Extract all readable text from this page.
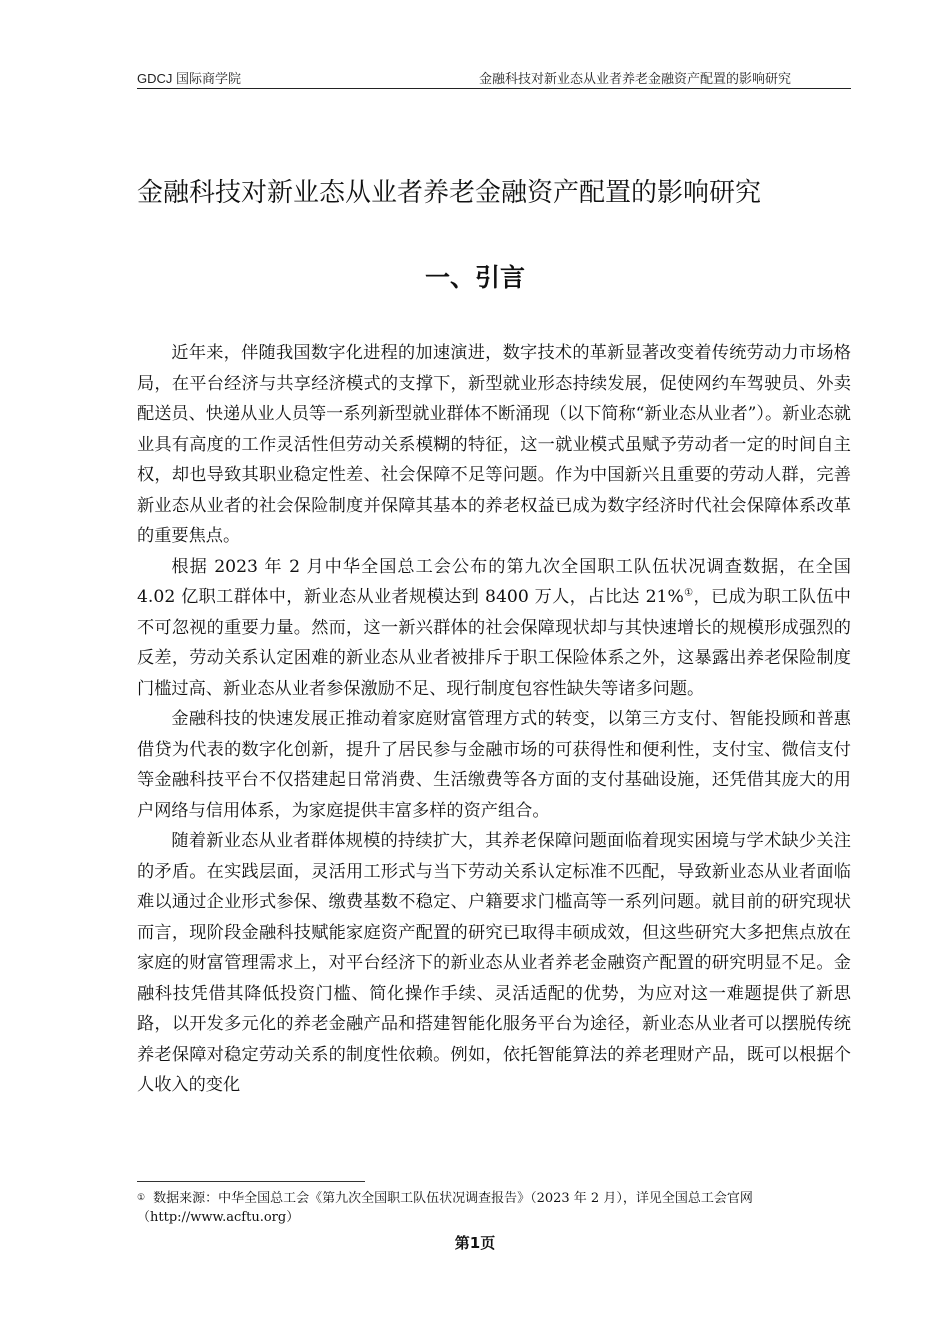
GDCJ 国际商学院	金融科技对新业态从业者养老金融资产配置的影响研究
金融科技对新业态从业者养老金融资产配置的影响研究
一、引言

近年来，伴随我国数字化进程的加速演进，数字技术的革新显著改变着传统劳动力市场格局，在平台经济与共享经济模式的支撑下，新型就业形态持续发展，促使网约车驾驶员、外卖配送员、快递从业人员等一系列新型就业群体不断涌现（以下简称“新业态从业者”）。新业态就业具有高度的工作灵活性但劳动关系模糊的特征，这一就业模式虽赋予劳动者一定的时间自主权，却也导致其职业稳定性差、社会保障不足等问题。作为中国新兴且重要的劳动人群，完善新业态从业者的社会保险制度并保障其基本的养老权益已成为数字经济时代社会保障体系改革的重要焦点。

根据 2023 年 2 月中华全国总工会公布的第九次全国职工队伍状况调查数据，在全国 4.02 亿职工群体中，新业态从业者规模达到 8400 万人，占比达 21%①，已成为职工队伍中不可忽视的重要力量。然而，这一新兴群体的社会保障现状却与其快速增长的规模形成强烈的反差，劳动关系认定困难的新业态从业者被排斥于职工保险体系之外，这暴露出养老保险制度门槛过高、新业态从业者参保激励不足、现行制度包容性缺失等诸多问题。

金融科技的快速发展正推动着家庭财富管理方式的转变，以第三方支付、智能投顾和普惠借贷为代表的数字化创新，提升了居民参与金融市场的可获得性和便利性，支付宝、微信支付等金融科技平台不仅搭建起日常消费、生活缴费等各方面的支付基础设施，还凭借其庞大的用户网络与信用体系，为家庭提供丰富多样的资产组合。

随着新业态从业者群体规模的持续扩大，其养老保障问题面临着现实困境与学术缺少关注的矛盾。在实践层面，灵活用工形式与当下劳动关系认定标准不匹配，导致新业态从业者面临难以通过企业形式参保、缴费基数不稳定、户籍要求门槛高等一系列问题。就目前的研究现状而言，现阶段金融科技赋能家庭资产配置的研究已取得丰硕成效，但这些研究大多把焦点放在家庭的财富管理需求上，对平台经济下的新业态从业者养老金融资产配置的研究明显不足。金融科技凭借其降低投资门槛、简化操作手续、灵活适配的优势，为应对这一难题提供了新思路，以开发多元化的养老金融产品和搭建智能化服务平台为途径，新业态从业者可以摆脱传统养老保障对稳定劳动关系的制度性依赖。例如，依托智能算法的养老理财产品，既可以根据个人收入的变化

① 数据来源：中华全国总工会《第九次全国职工队伍状况调查报告》（2023 年 2 月），详见全国总工会官网（http://www.acftu.org）
第1页
